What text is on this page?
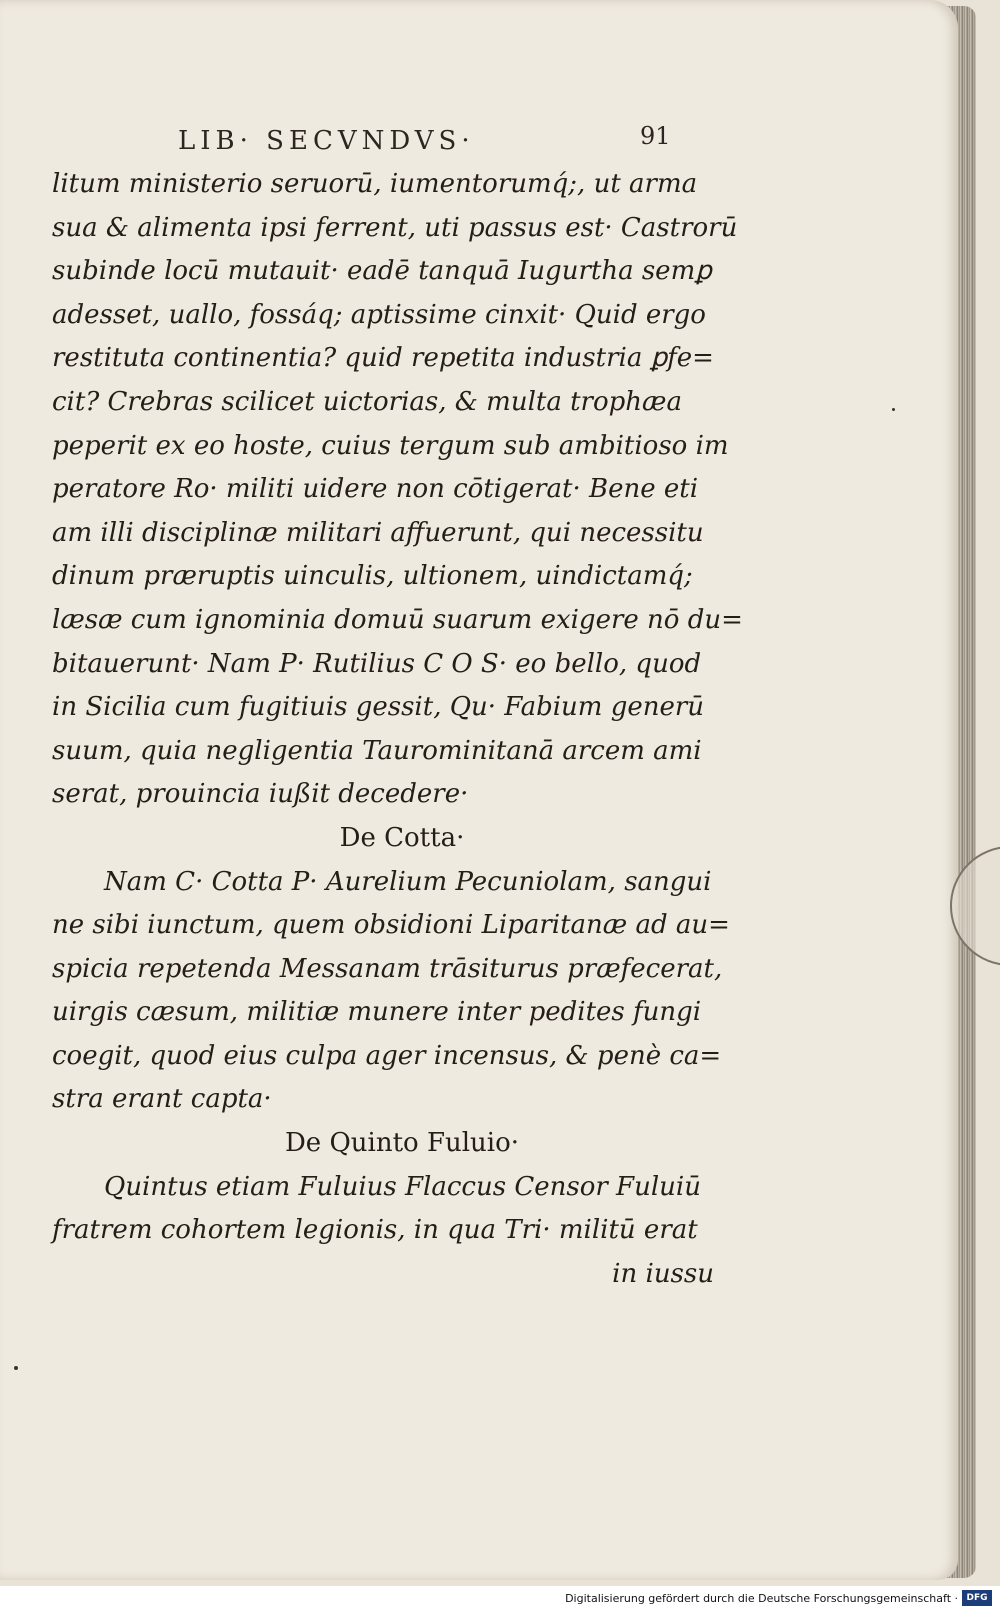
LIB· SECVNDVS·	91
litum ministerio seruorū, iumentorumq́;, ut arma
sua & alimenta ipsi ferrent, uti passus est· Castrorū
subinde locū mutauit· eadē tanquā Iugurtha semꝑ
adesset, uallo, fossáq; aptissime cinxit· Quid ergo
restituta continentia? quid repetita industria ꝑfe=
cit? Crebras scilicet uictorias, & multa trophæa
peperit ex eo hoste, cuius tergum sub ambitioso im
peratore Ro· militi uidere non cōtigerat· Bene eti
am illi disciplinæ militari affuerunt, qui necessitu
dinum præruptis uinculis, ultionem, uindictamq́;
læsæ cum ignominia domuū suarum exigere nō du=
bitauerunt· Nam P· Rutilius C O S· eo bello, quod
in Sicilia cum fugitiuis gessit, Qu· Fabium generū
suum, quia negligentia Taurominitanā arcem ami
serat, prouincia iußit decedere·
De Cotta·
Nam C· Cotta P· Aurelium Pecuniolam, sangui
ne sibi iunctum, quem obsidioni Liparitanæ ad au=
spicia repetenda Messanam trāsiturus præfecerat,
uirgis cæsum, militiæ munere inter pedites fungi
coegit, quod eius culpa ager incensus, & penè ca=
stra erant capta·
De Quinto Fuluio·
Quintus etiam Fuluius Flaccus Censor Fuluiū
fratrem cohortem legionis, in qua Tri· militū erat
in iussu
Digitalisierung gefördert durch die Deutsche Forschungsgemeinschaft · DFG
